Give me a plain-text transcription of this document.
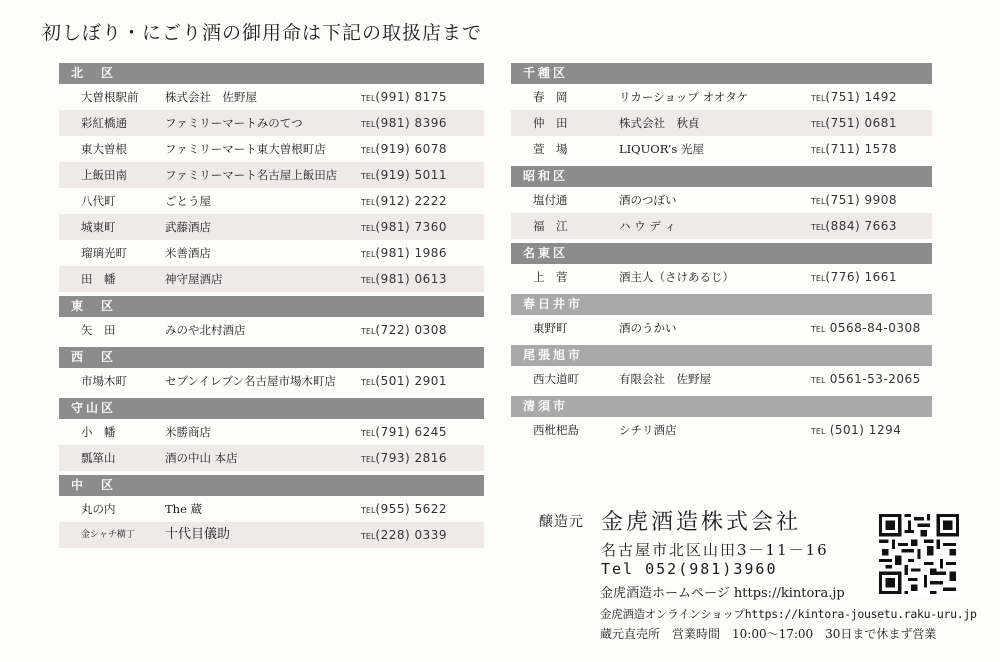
初しぼり・にごり酒の御用命は下記の取扱店まで
北　区
大曽根駅前 株式会社　佐野屋	TEL(991) 8175
彩紅橋通	ファミリーマートみのてつ	TEL(981) 8396
東大曽根	ファミリーマート東大曽根町店	TEL(919) 6078
上飯田南	ファミリーマート名古屋上飯田店	TEL(919) 5011
八代町	ごとう屋	TEL(912) 2222
城東町	武藤酒店	TEL(981) 7360
瑠璃光町	米善酒店	TEL(981) 1986
田　幡	神守屋酒店	TEL(981) 0613
東　区
矢　田	みのや北村酒店	TEL(722) 0308
西　区
市場木町	セブンイレブン名古屋市場木町店	TEL(501) 2901
守山区
小　幡	米勝商店	TEL(791) 6245
瓢箪山	酒の中山 本店	TEL(793) 2816
中　区
丸の内	The 蔵	TEL(955) 5622
金シャチ横丁 十代目儀助	TEL(228) 0339
千種区
春　岡	リカーショップ オオタケ	TEL(751) 1492
仲　田	株式会社　秋貞	TEL(751) 0681
萱　場	LIQUOR’s 光屋	TEL(711) 1578
昭和区
塩付通	酒のつぼい	TEL(751) 9908
福　江	ハ ウ デ ィ	TEL(884) 7663
名東区
上　菅	酒主人（さけあるじ）	TEL(776) 1661
春日井市
東野町	酒のうかい	TEL 0568-84-0308
尾張旭市
西大道町	有限会社　佐野屋	TEL 0561-53-2065
清須市
西枇杷島	シチリ酒店	TEL (501) 1294
醸造元 金虎酒造株式会社
名古屋市北区山田3－11－16
Tel 052(981)3960
金虎酒造ホームページ https://kintora.jp
金虎酒造オンラインショップhttps://kintora-jousetu.raku-uru.jp
蔵元直売所　営業時間　10:00〜17:00　30日まで休まず営業
